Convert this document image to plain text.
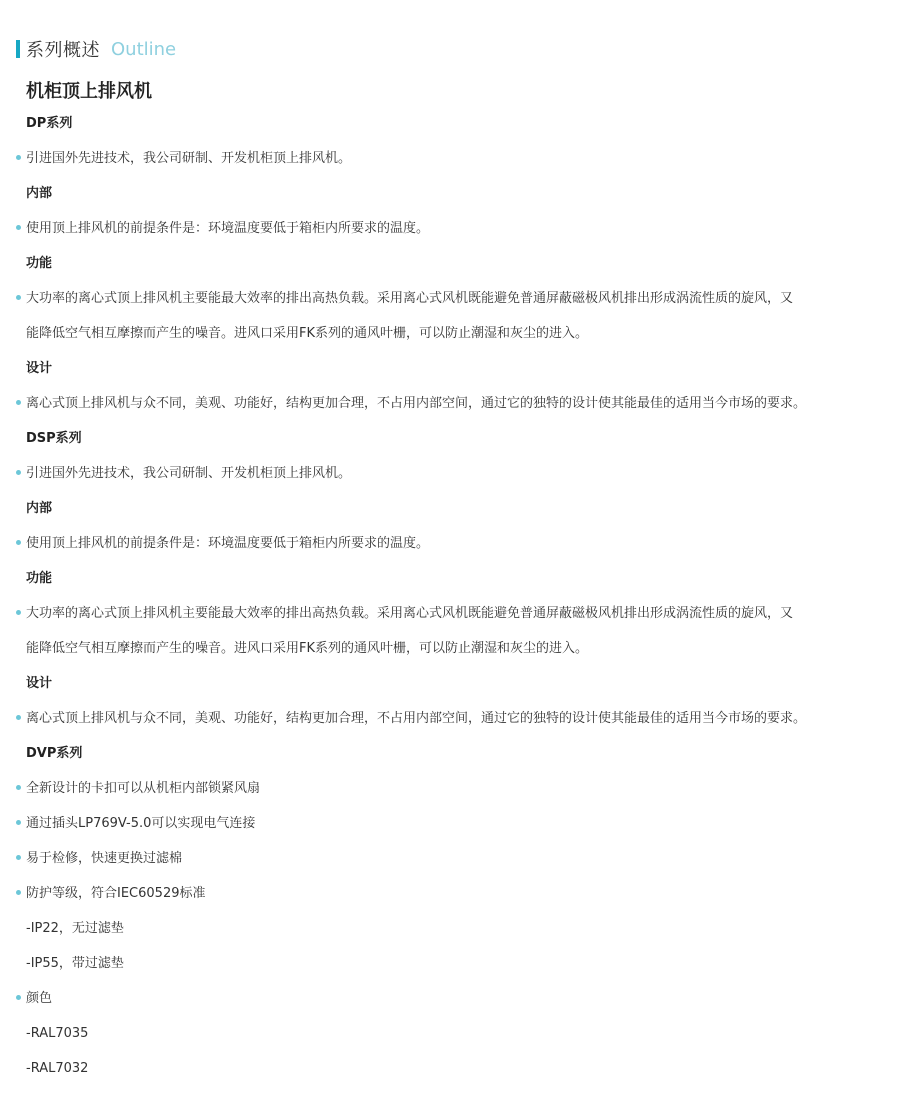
系列概述 Outline
机柜顶上排风机
DP系列
引进国外先进技术，我公司研制、开发机柜顶上排风机。
内部
使用顶上排风机的前提条件是：环境温度要低于箱柜内所要求的温度。
功能
大功率的离心式顶上排风机主要能最大效率的排出高热负载。采用离心式风机既能避免普通屏蔽磁极风机排出形成涡流性质的旋风，又
能降低空气相互摩擦而产生的噪音。进风口采用FK系列的通风叶栅，可以防止潮湿和灰尘的进入。
设计
离心式顶上排风机与众不同，美观、功能好，结构更加合理，不占用内部空间，通过它的独特的设计使其能最佳的适用当今市场的要求。
DSP系列
引进国外先进技术，我公司研制、开发机柜顶上排风机。
内部
使用顶上排风机的前提条件是：环境温度要低于箱柜内所要求的温度。
功能
大功率的离心式顶上排风机主要能最大效率的排出高热负载。采用离心式风机既能避免普通屏蔽磁极风机排出形成涡流性质的旋风，又
能降低空气相互摩擦而产生的噪音。进风口采用FK系列的通风叶栅，可以防止潮湿和灰尘的进入。
设计
离心式顶上排风机与众不同，美观、功能好，结构更加合理，不占用内部空间，通过它的独特的设计使其能最佳的适用当今市场的要求。
DVP系列
全新设计的卡扣可以从机柜内部锁紧风扇
通过插头LP769V-5.0可以实现电气连接
易于检修，快速更换过滤棉
防护等级，符合IEC60529标准
-IP22，无过滤垫
-IP55，带过滤垫
颜色
-RAL7035
-RAL7032
